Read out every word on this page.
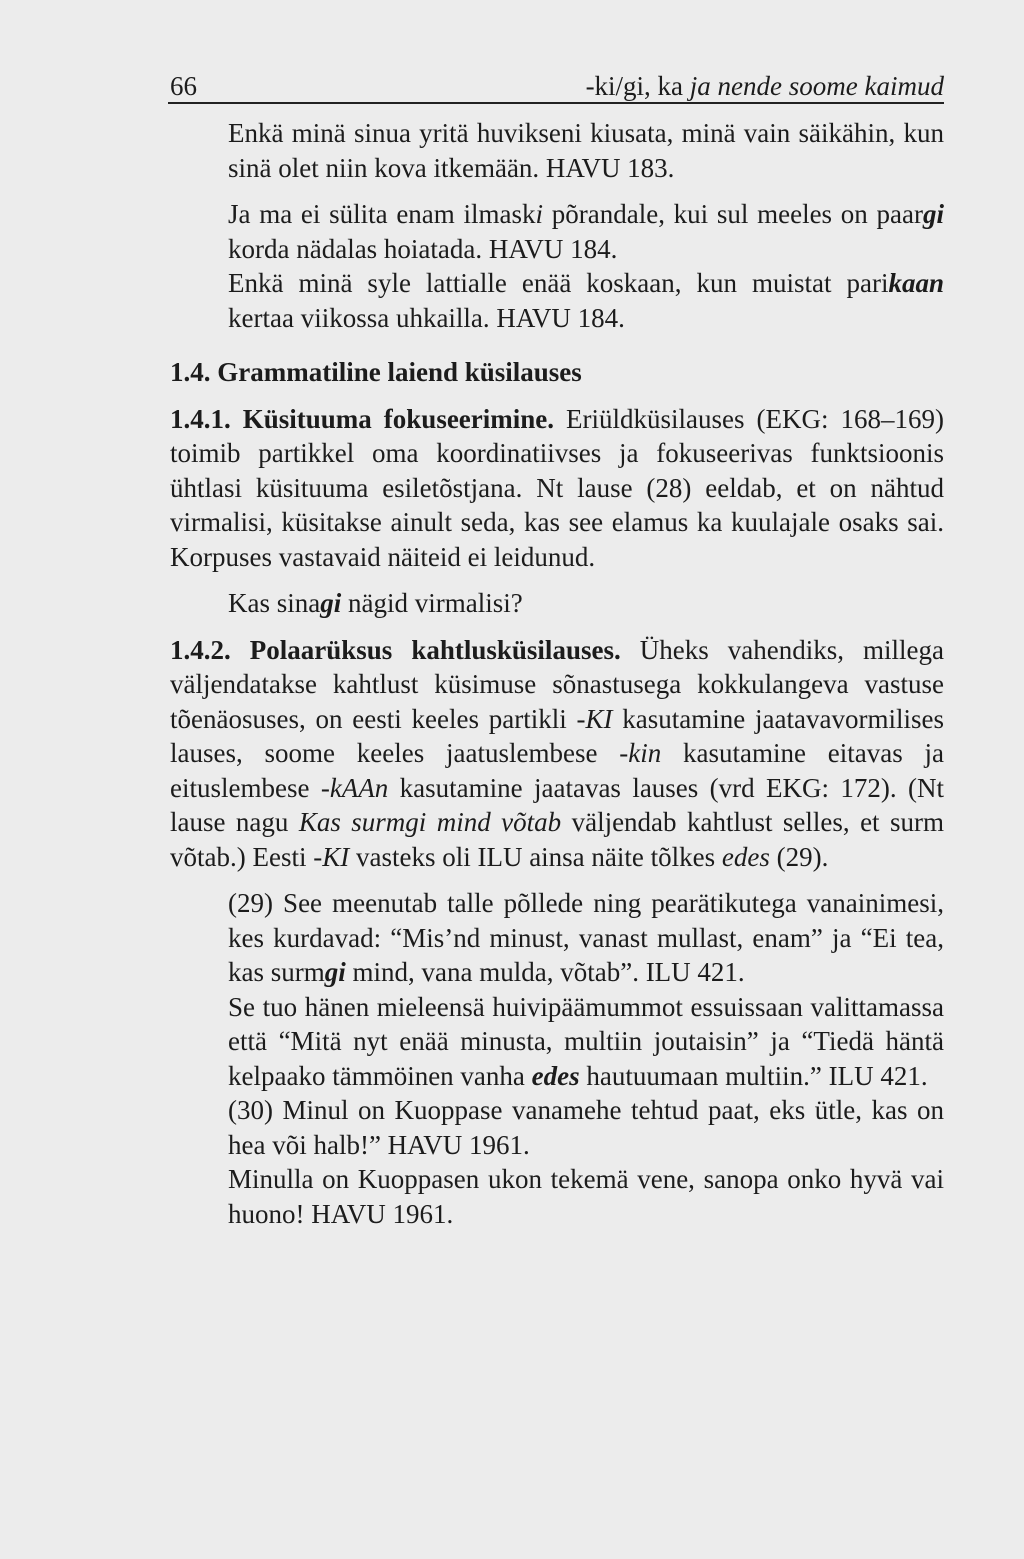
66	-ki/gi, ka ja nende soome kaimud

Enkä minä sinua yritä huvikseni kiusata, minä vain säikähin, kun sinä olet niin kova itkemään. HAVU 183.

Ja ma ei sülita enam ilmaski põrandale, kui sul meeles on paargi korda nädalas hoiatada. HAVU 184.

Enkä minä syle lattialle enää koskaan, kun muistat parikaan kertaa viikossa uhkailla. HAVU 184.

1.4. Grammatiline laiend küsilauses

1.4.1. Küsituuma fokuseerimine. Eriüldküsilauses (EKG: 168–169) toimib partikkel oma koordinatiivses ja fokuseerivas funktsioonis ühtlasi küsituuma esiletõstjana. Nt lause (28) eeldab, et on nähtud virmalisi, küsitakse ainult seda, kas see elamus ka kuulajale osaks sai. Korpuses vastavaid näiteid ei leidunud.

Kas sinagi nägid virmalisi?

1.4.2. Polaarüksus kahtlusküsilauses. Üheks vahendiks, millega väljendatakse kahtlust küsimuse sõnastusega kokkulangeva vastuse tõenäosuses, on eesti keeles partikli -KI kasutamine jaatavavormilises lauses, soome keeles jaatuslembese -kin kasutamine eitavas ja eituslembese -kAAn kasutamine jaatavas lauses (vrd EKG: 172). (Nt lause nagu Kas surmgi mind võtab väljendab kahtlust selles, et surm võtab.) Eesti -KI vasteks oli ILU ainsa näite tõlkes edes (29).

(29) See meenutab talle põllede ning pearätikutega vanainimesi, kes kurdavad: “Mis’nd minust, vanast mullast, enam” ja “Ei tea, kas surmgi mind, vana mulda, võtab”. ILU 421.

Se tuo hänen mieleensä huivipäämummot essuissaan valittamassa että “Mitä nyt enää minusta, multiin joutaisin” ja “Tiedä häntä kelpaako tämmöinen vanha edes hautuumaan multiin.” ILU 421.

(30) Minul on Kuoppase vanamehe tehtud paat, eks ütle, kas on hea või halb!” HAVU 1961.

Minulla on Kuoppasen ukon tekemä vene, sanopa onko hyvä vai huono! HAVU 1961.
